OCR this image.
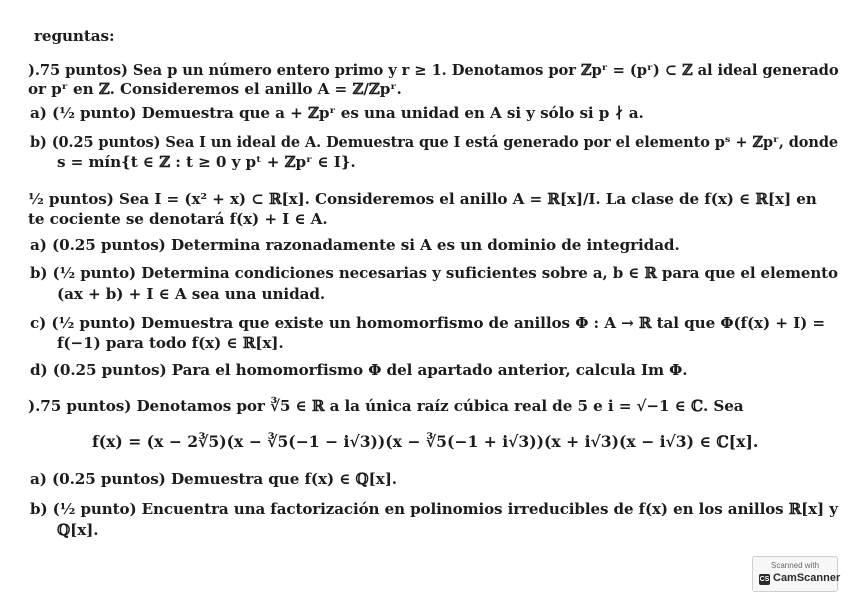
reguntas:
).75 puntos) Sea p un número entero primo y r ≥ 1. Denotamos por ℤpʳ = (pʳ) ⊂ ℤ al ideal generado
or pʳ en ℤ. Consideremos el anillo A = ℤ/ℤpʳ.
a) (½ punto) Demuestra que a + ℤpʳ es una unidad en A si y sólo si p ∤ a.
b) (0.25 puntos) Sea I un ideal de A. Demuestra que I está generado por el elemento pˢ + ℤpʳ, donde
s = mín{t ∈ ℤ : t ≥ 0 y pᵗ + ℤpʳ ∈ I}.
½ puntos) Sea I = (x² + x) ⊂ ℝ[x]. Consideremos el anillo A = ℝ[x]/I. La clase de f(x) ∈ ℝ[x] en
te cociente se denotará f(x) + I ∈ A.
a) (0.25 puntos) Determina razonadamente si A es un dominio de integridad.
b) (½ punto) Determina condiciones necesarias y suficientes sobre a, b ∈ ℝ para que el elemento
(ax + b) + I ∈ A sea una unidad.
c) (½ punto) Demuestra que existe un homomorfismo de anillos Φ : A → ℝ tal que Φ(f(x) + I) =
f(−1) para todo f(x) ∈ ℝ[x].
d) (0.25 puntos) Para el homomorfismo Φ del apartado anterior, calcula Im Φ.
).75 puntos) Denotamos por ∛5 ∈ ℝ a la única raíz cúbica real de 5 e i = √−1 ∈ ℂ. Sea
f(x) = (x − 2∛5)(x − ∛5(−1 − i√3))(x − ∛5(−1 + i√3))(x + i√3)(x − i√3) ∈ ℂ[x].
a) (0.25 puntos) Demuestra que f(x) ∈ ℚ[x].
b) (½ punto) Encuentra una factorización en polinomios irreducibles de f(x) en los anillos ℝ[x] y
ℚ[x].
Scanned with
CS CamScanner
